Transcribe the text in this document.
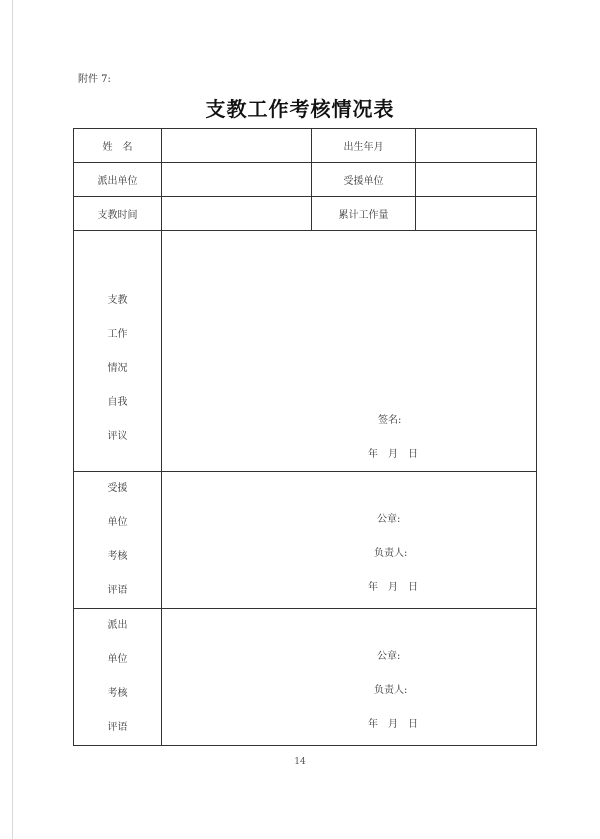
附件 7:
支教工作考核情况表
姓　名		出生年月	
派出单位		受援单位	
支教时间		累计工作量	

支教
工作
情况
自我
评议	签名:
年　月　日		

受援
单位
考核
评语	公章:
负责人:
年　月　日		

派出
单位
考核
评语	公章:
负责人:
年　月　日		
14
